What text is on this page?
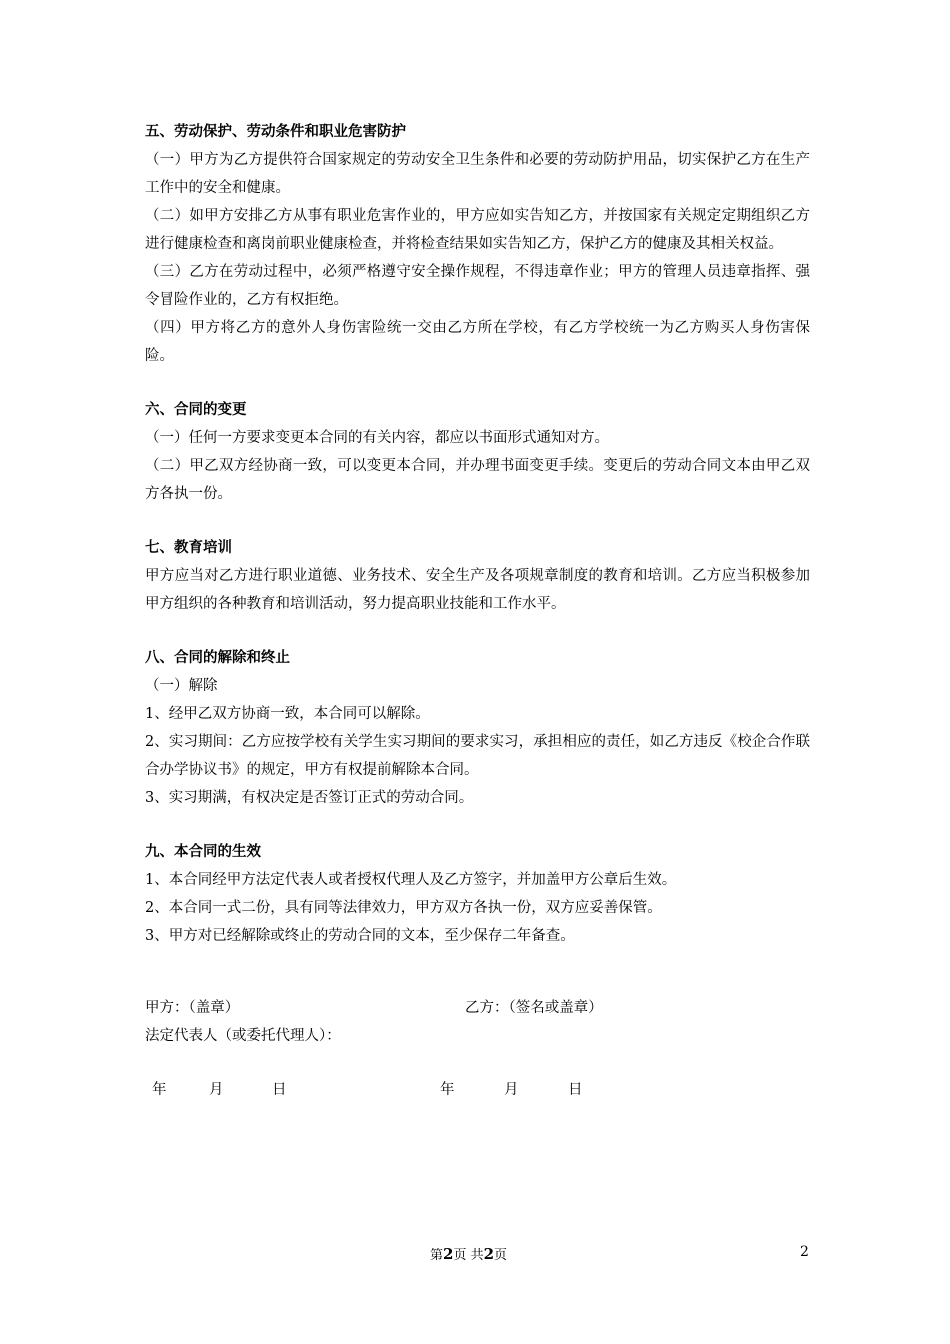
五、劳动保护、劳动条件和职业危害防护
（一）甲方为乙方提供符合国家规定的劳动安全卫生条件和必要的劳动防护用品，切实保护乙方在生产工作中的安全和健康。
（二）如甲方安排乙方从事有职业危害作业的，甲方应如实告知乙方，并按国家有关规定定期组织乙方进行健康检查和离岗前职业健康检查，并将检查结果如实告知乙方，保护乙方的健康及其相关权益。
（三）乙方在劳动过程中，必须严格遵守安全操作规程，不得违章作业；甲方的管理人员违章指挥、强令冒险作业的，乙方有权拒绝。
（四）甲方将乙方的意外人身伤害险统一交由乙方所在学校，有乙方学校统一为乙方购买人身伤害保险。
六、合同的变更
（一）任何一方要求变更本合同的有关内容，都应以书面形式通知对方。
（二）甲乙双方经协商一致，可以变更本合同，并办理书面变更手续。变更后的劳动合同文本由甲乙双方各执一份。
七、教育培训
甲方应当对乙方进行职业道德、业务技术、安全生产及各项规章制度的教育和培训。乙方应当积极参加甲方组织的各种教育和培训活动，努力提高职业技能和工作水平。
八、合同的解除和终止
（一）解除
1、经甲乙双方协商一致，本合同可以解除。
2、实习期间：乙方应按学校有关学生实习期间的要求实习，承担相应的责任，如乙方违反《校企合作联合办学协议书》的规定，甲方有权提前解除本合同。
3、实习期满，有权决定是否签订正式的劳动合同。
九、本合同的生效
1、本合同经甲方法定代表人或者授权代理人及乙方签字，并加盖甲方公章后生效。
2、本合同一式二份，具有同等法律效力，甲方双方各执一份，双方应妥善保管。
3、甲方对已经解除或终止的劳动合同的文本，至少保存二年备查。
甲方：（盖章）	乙方：（签名或盖章）
法定代表人（或委托代理人）：
年	月	日	年	月	日
第2页 共2页	2
